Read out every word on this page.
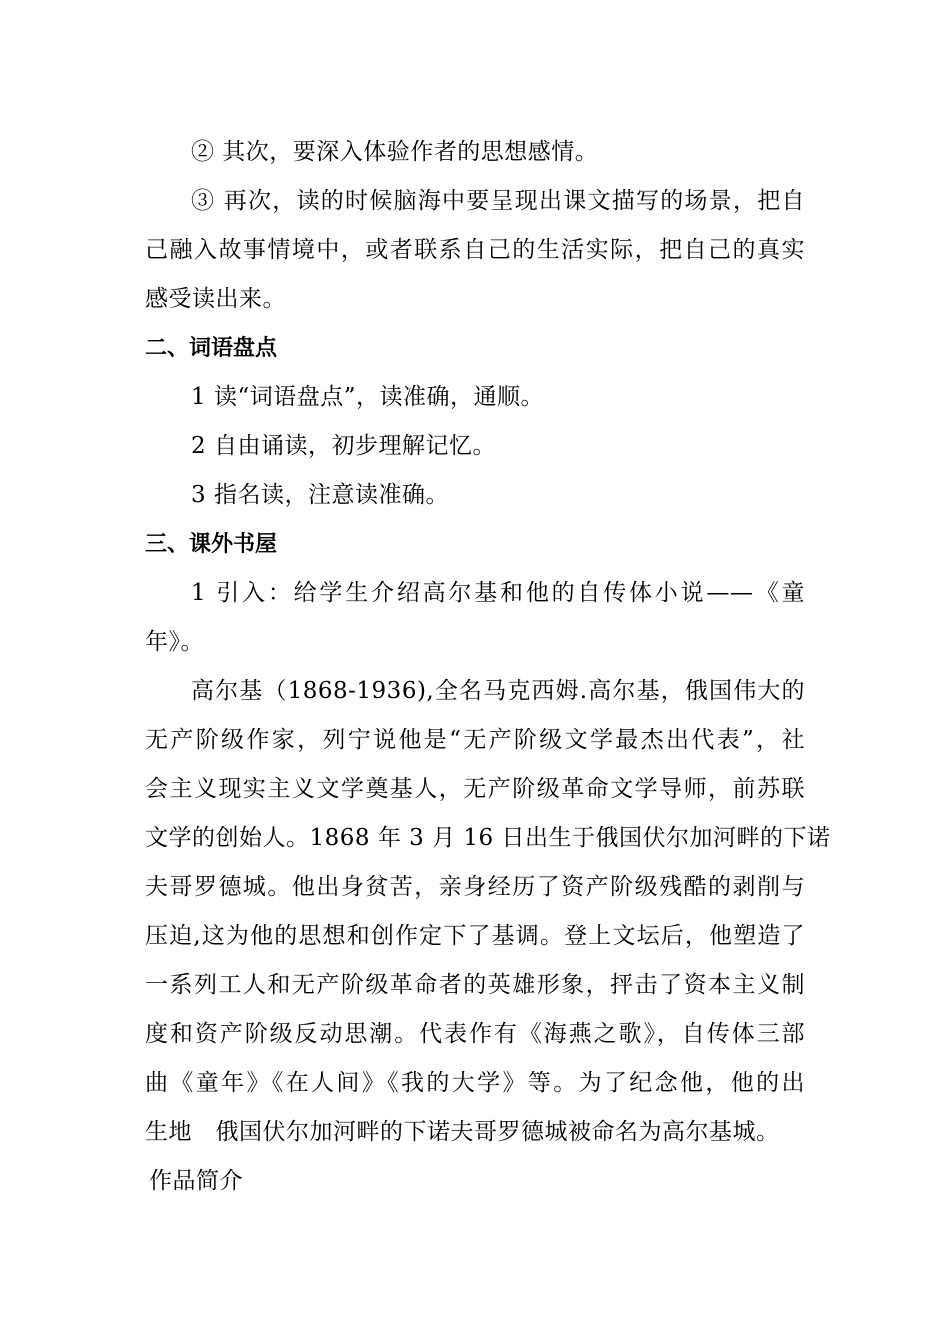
② 其次，要深入体验作者的思想感情。
③ 再次，读的时候脑海中要呈现出课文描写的场景，把自
己融入故事情境中，或者联系自己的生活实际，把自己的真实
感受读出来。
二、词语盘点
1 读“词语盘点”，读准确，通顺。
2 自由诵读，初步理解记忆。
3 指名读，注意读准确。
三、课外书屋
1 引入：给学生介绍高尔基和他的自传体小说——《童
年》。
高尔基（1868-1936),全名马克西姆.高尔基，俄国伟大的
无产阶级作家，列宁说他是“无产阶级文学最杰出代表”，社
会主义现实主义文学奠基人，无产阶级革命文学导师，前苏联
文学的创始人。1868 年 3 月 16 日出生于俄国伏尔加河畔的下诺
夫哥罗德城。他出身贫苦，亲身经历了资产阶级残酷的剥削与
压迫,这为他的思想和创作定下了基调。登上文坛后，他塑造了
一系列工人和无产阶级革命者的英雄形象，抨击了资本主义制
度和资产阶级反动思潮。代表作有《海燕之歌》，自传体三部
曲《童年》《在人间》《我的大学》等。为了纪念他，他的出
生地　俄国伏尔加河畔的下诺夫哥罗德城被命名为高尔基城。
作品简介
